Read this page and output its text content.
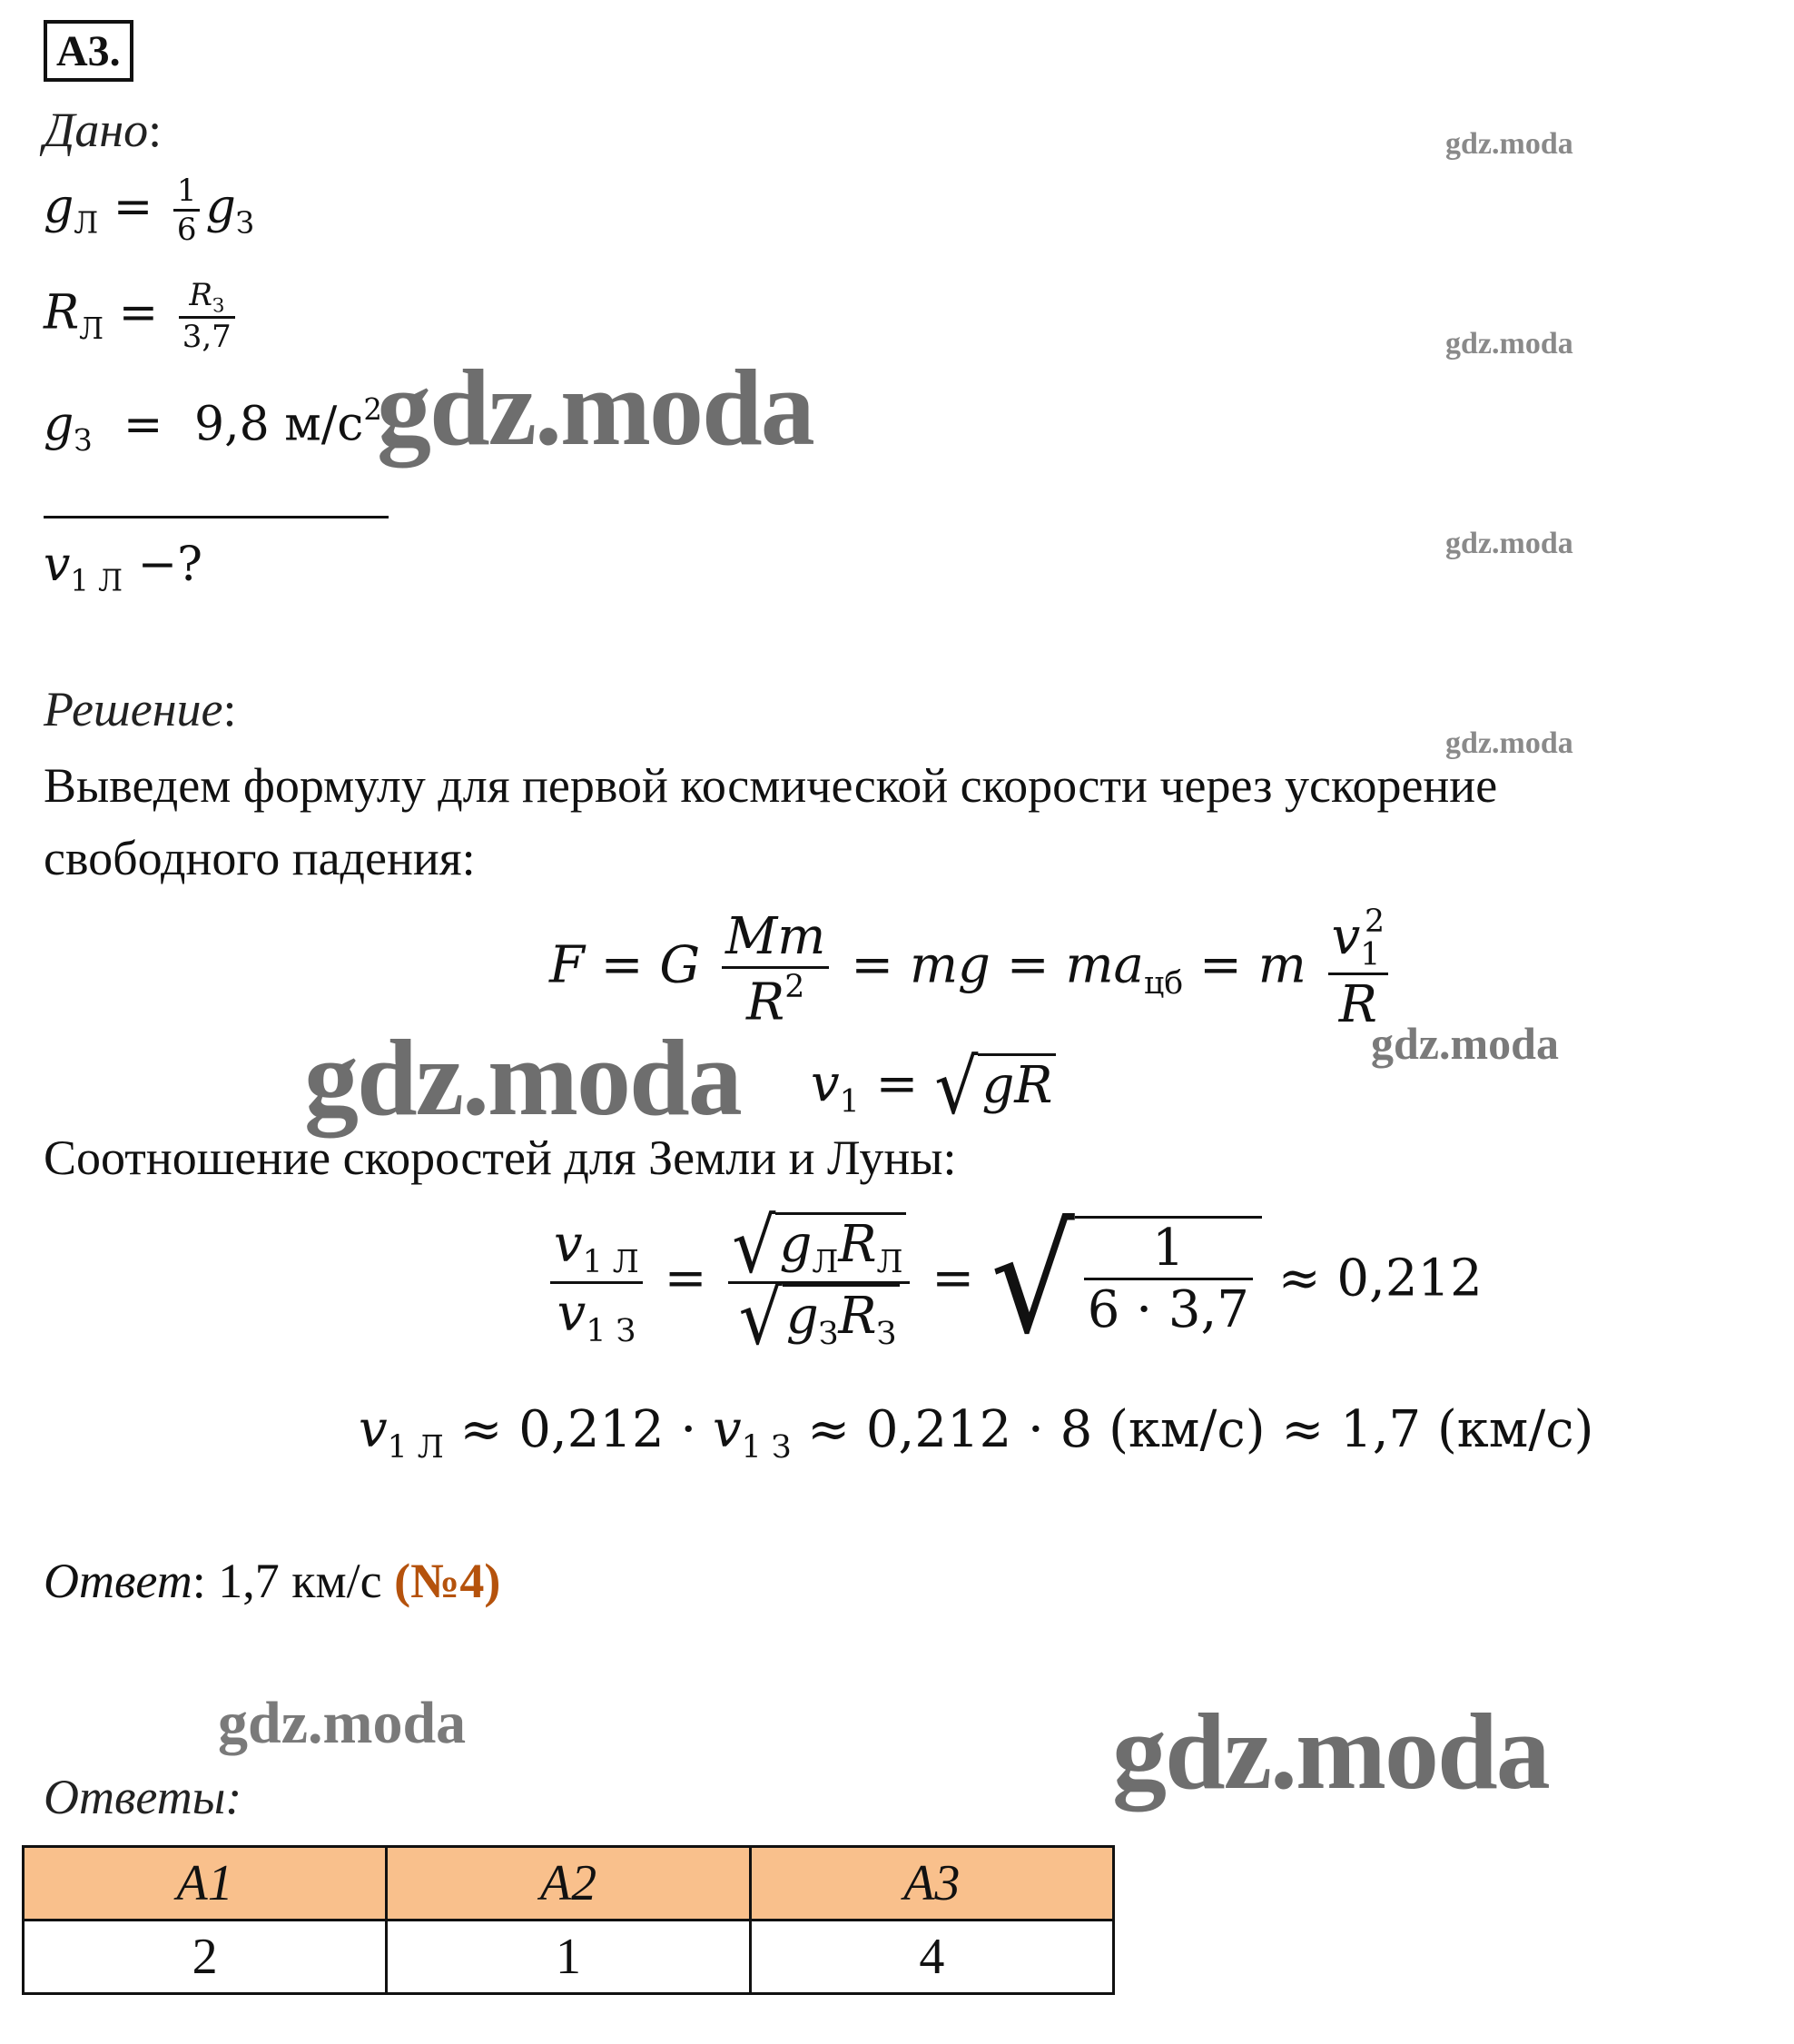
А3.
Дано:
$g_Л = \frac{1}{6} g_З$
$R_Л = \frac{R_З}{3,7}$
$g_З = 9,8$ $м/с^2$
$v_{1 Л}$ −?
Решение:
Выведем формулу для первой космической скорости через ускорение
свободного падения:
F = G $\frac{Mm}{R^2}$ = mg = $ma_{цб} = m \frac{v_1^2}{R}$
$v_1$ = √ gR
Соотношение скоростей для Земли и Луны:
$\frac{v_{1 Л}}{v_{1 З}} = \frac{√ g_ЛR_Л}{√ g_ЗR_З}$ = √ $\frac{1}{6 \cdot 3,7} \approx 0,212$
$v_{1 Л} \approx 0,212 \cdot v_{1 З} \approx 0,212 \cdot 8$ (км/с) ≈ 1,7 (км/с)
Ответ: 1,7 км/с (№4)
Ответы:
А1	А2	А3
2	1	4
gdz.moda
gdz.moda
gdz.moda
gdz.moda
gdz.moda
gdz.moda	gdz.moda
gdz.moda	gdz.moda
